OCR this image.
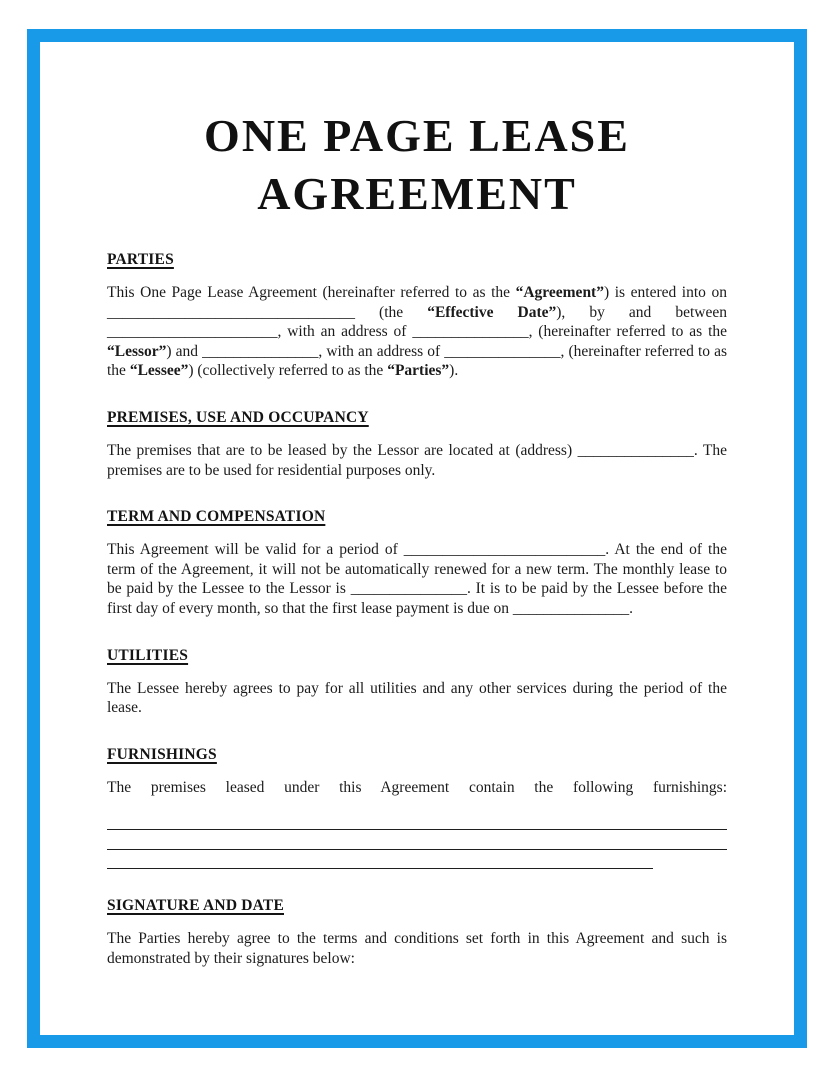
ONE PAGE LEASE AGREEMENT
PARTIES

This One Page Lease Agreement (hereinafter referred to as the “Agreement”) is entered into on ________________________________ (the “Effective Date”), by and between ______________________, with an address of _______________, (hereinafter referred to as the “Lessor”) and _______________, with an address of _______________, (hereinafter referred to as the “Lessee”) (collectively referred to as the “Parties”).

PREMISES, USE AND OCCUPANCY

The premises that are to be leased by the Lessor are located at (address) _______________. The premises are to be used for residential purposes only.

TERM AND COMPENSATION

This Agreement will be valid for a period of __________________________. At the end of the term of the Agreement, it will not be automatically renewed for a new term. The monthly lease to be paid by the Lessee to the Lessor is _______________. It is to be paid by the Lessee before the first day of every month, so that the first lease payment is due on _______________.

UTILITIES

The Lessee hereby agrees to pay for all utilities and any other services during the period of the lease.

FURNISHINGS

The premises leased under this Agreement contain the following furnishings:

SIGNATURE AND DATE

The Parties hereby agree to the terms and conditions set forth in this Agreement and such is demonstrated by their signatures below:
